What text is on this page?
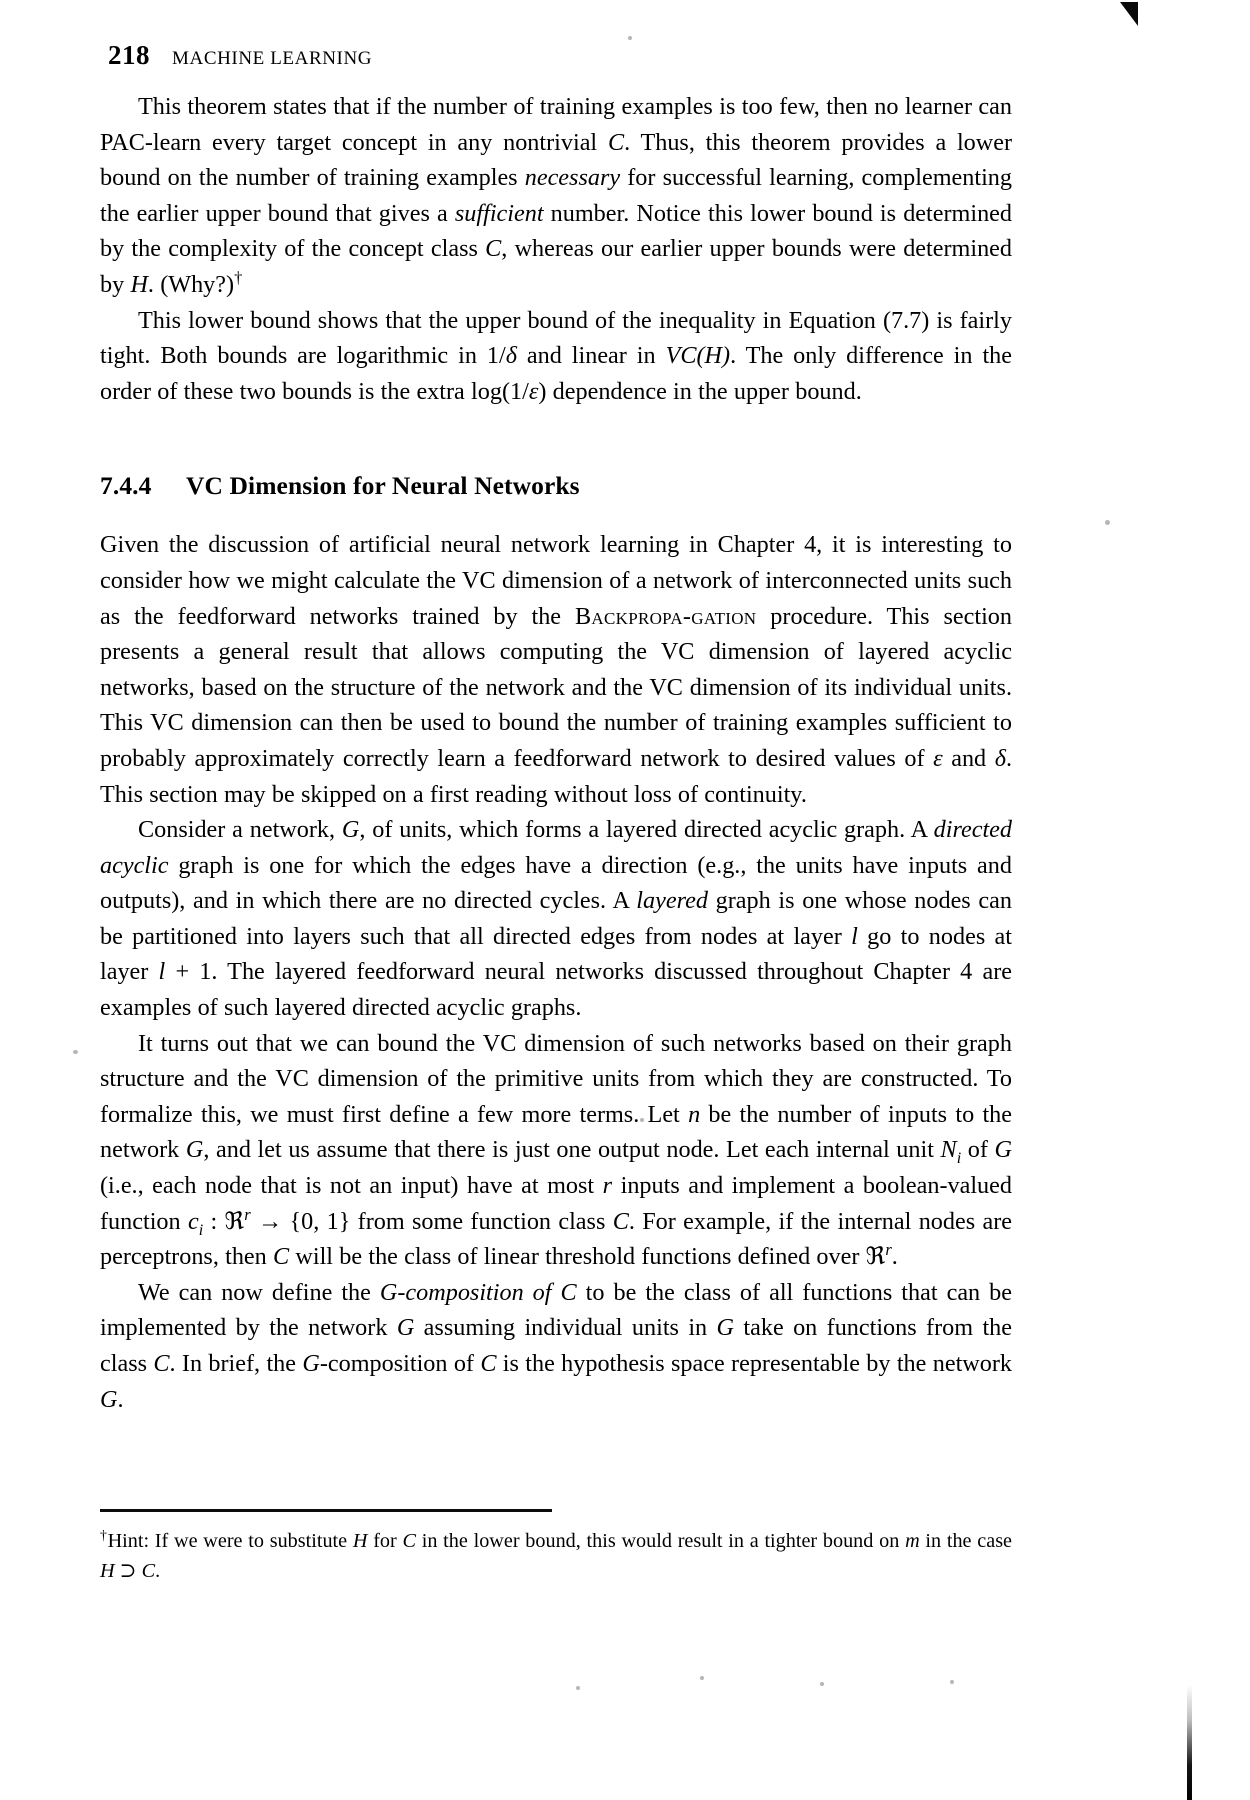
218 MACHINE LEARNING

This theorem states that if the number of training examples is too few, then no learner can PAC-learn every target concept in any nontrivial C. Thus, this theorem provides a lower bound on the number of training examples necessary for successful learning, complementing the earlier upper bound that gives a sufficient number. Notice this lower bound is determined by the complexity of the concept class C, whereas our earlier upper bounds were determined by H. (Why?)†

This lower bound shows that the upper bound of the inequality in Equation (7.7) is fairly tight. Both bounds are logarithmic in 1/δ and linear in VC(H). The only difference in the order of these two bounds is the extra log(1/ε) dependence in the upper bound.

7.4.4 VC Dimension for Neural Networks

Given the discussion of artificial neural network learning in Chapter 4, it is interesting to consider how we might calculate the VC dimension of a network of interconnected units such as the feedforward networks trained by the Backpropa-gation procedure. This section presents a general result that allows computing the VC dimension of layered acyclic networks, based on the structure of the network and the VC dimension of its individual units. This VC dimension can then be used to bound the number of training examples sufficient to probably approximately correctly learn a feedforward network to desired values of ε and δ. This section may be skipped on a first reading without loss of continuity.

Consider a network, G, of units, which forms a layered directed acyclic graph. A directed acyclic graph is one for which the edges have a direction (e.g., the units have inputs and outputs), and in which there are no directed cycles. A layered graph is one whose nodes can be partitioned into layers such that all directed edges from nodes at layer l go to nodes at layer l + 1. The layered feedforward neural networks discussed throughout Chapter 4 are examples of such layered directed acyclic graphs.

It turns out that we can bound the VC dimension of such networks based on their graph structure and the VC dimension of the primitive units from which they are constructed. To formalize this, we must first define a few more terms. Let n be the number of inputs to the network G, and let us assume that there is just one output node. Let each internal unit $N_i$ of G (i.e., each node that is not an input) have at most r inputs and implement a boolean-valued function $c_i$ : ℜ$^r$ → {0, 1} from some function class C. For example, if the internal nodes are perceptrons, then C will be the class of linear threshold functions defined over ℜ$^r$.

We can now define the G-composition of C to be the class of all functions that can be implemented by the network G assuming individual units in G take on functions from the class C. In brief, the G-composition of C is the hypothesis space representable by the network G.

†Hint: If we were to substitute H for C in the lower bound, this would result in a tighter bound on m in the case H ⊃ C.
